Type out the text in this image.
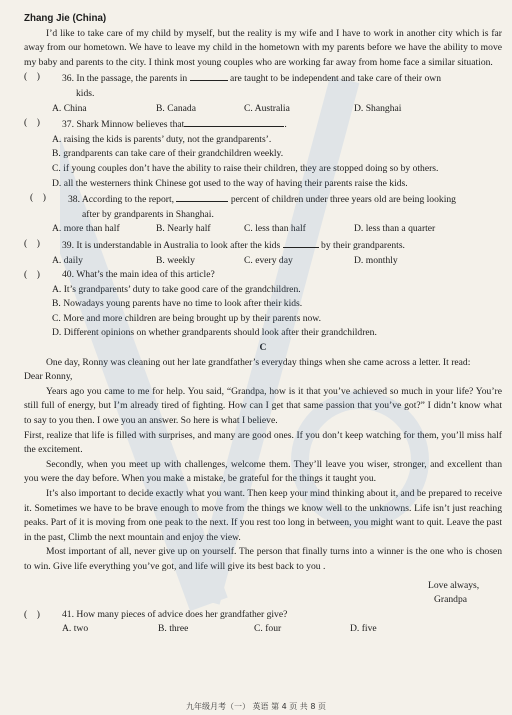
Zhang Jie (China)

I’d like to take care of my child by myself, but the reality is my wife and I have to work in another city which is far away from our hometown. We have to leave my child in the hometown with my parents before we have the ability to move my baby and parents to the city. I think most young couples who are working far away from home face a similar situation.

( ) 36. In the passage, the parents in	are taught to be independent and take care of their own
kids.
A. China	B. Canada	C. Australia	D. Shanghai
( ) 37. Shark Minnow believes that	.

A. raising the kids is parents’ duty, not the grandparents’.

B. grandparents can take care of their grandchildren weekly.

C. if young couples don’t have the ability to raise their children, they are stopped doing so by others.

D. all the westerners think Chinese got used to the way of having their parents raise the kids.

( ) 38. According to the report,	percent of children under three years old are being looking
after by grandparents in Shanghai.
A. more than half	B. Nearly half	C. less than half	D. less than a quarter
( ) 39. It is understandable in Australia to look after the kids	by their grandparents.
A. daily	B. weekly	C. every day	D. monthly
( ) 40. What’s the main idea of this article?

A. It’s grandparents’ duty to take good care of the grandchildren.

B. Nowadays young parents have no time to look after their kids.

C. More and more children are being brought up by their parents now.

D. Different opinions on whether grandparents should look after their grandchildren.

C

One day, Ronny was cleaning out her late grandfather’s everyday things when she came across a letter. It read:

Dear Ronny,

Years ago you came to me for help. You said, “Grandpa, how is it that you’ve achieved so much in your life? You’re still full of energy, but I’m already tired of fighting. How can I get that same passion that you’ve got?” I didn’t know what to say to you then. I owe you an answer. So here is what I believe.

First, realize that life is filled with surprises, and many are good ones. If you don’t keep watching for them, you’ll miss half the excitement.

Secondly, when you meet up with challenges, welcome them. They’ll leave you wiser, stronger, and excellent than you were the day before. When you make a mistake, be grateful for the things it taught you.

It’s also important to decide exactly what you want. Then keep your mind thinking about it, and be prepared to receive it. Sometimes we have to be brave enough to move from the things we know well to the unknowns. Life isn’t just reaching peaks. Part of it is moving from one peak to the next. If you rest too long in between, you might want to quit. Leave the past in the past, Climb the next mountain and enjoy the view.

Most important of all, never give up on yourself. The person that finally turns into a winner is the one who is chosen to win. Give life everything you’ve got, and life will give its best back to you .

Love always,

Grandpa

( ) 41. How many pieces of advice does her grandfather give?
A. two	B. three	C. four	D. five
九年级月考（一） 英语 第 4 页 共 8 页
